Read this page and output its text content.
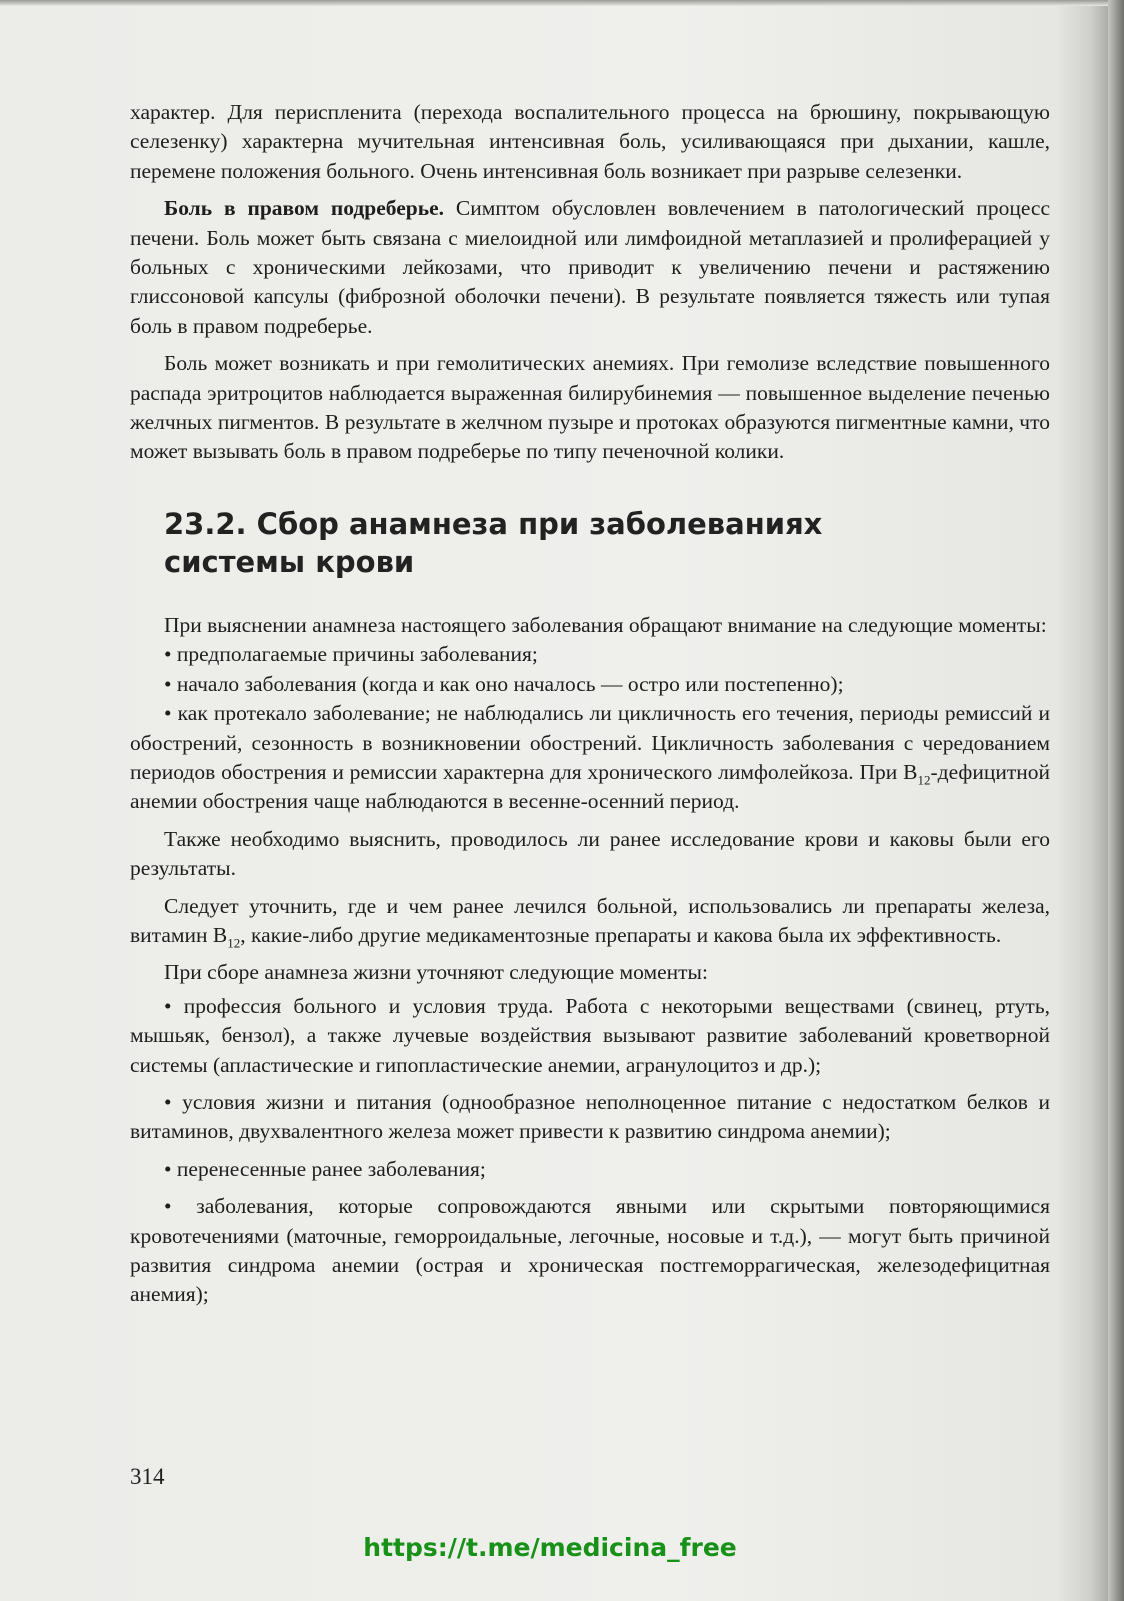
характер. Для периспленита (перехода воспалительного процесса на брюшину, покрывающую селезенку) характерна мучительная интенсивная боль, усиливающаяся при дыхании, кашле, перемене положения больного. Очень интенсивная боль возникает при разрыве селезенки.

Боль в правом подреберье. Симптом обусловлен вовлечением в патологический процесс печени. Боль может быть связана с миелоидной или лимфоидной метаплазией и пролиферацией у больных с хроническими лейкозами, что приводит к увеличению печени и растяжению глиссоновой капсулы (фиброзной оболочки печени). В результате появляется тяжесть или тупая боль в правом подреберье.

Боль может возникать и при гемолитических анемиях. При гемолизе вследствие повышенного распада эритроцитов наблюдается выраженная билирубинемия — повышенное выделение печенью желчных пигментов. В результате в желчном пузыре и протоках образуются пигментные камни, что может вызывать боль в правом подреберье по типу печеночной колики.

23.2. Сбор анамнеза при заболеваниях
системы крови

При выяснении анамнеза настоящего заболевания обращают внимание на следующие моменты:

• предполагаемые причины заболевания;

• начало заболевания (когда и как оно началось — остро или постепенно);

• как протекало заболевание; не наблюдались ли цикличность его течения, периоды ремиссий и обострений, сезонность в возникновении обострений. Цикличность заболевания с чередованием периодов обострения и ремиссии характерна для хронического лимфолейкоза. При $B_{12}$-дефицитной анемии обострения чаще наблюдаются в весенне-осенний период.

Также необходимо выяснить, проводилось ли ранее исследование крови и каковы были его результаты.

Следует уточнить, где и чем ранее лечился больной, использовались ли препараты железа, витамин $B_{12}$, какие-либо другие медикаментозные препараты и какова была их эффективность.

При сборе анамнеза жизни уточняют следующие моменты:

• профессия больного и условия труда. Работа с некоторыми веществами (свинец, ртуть, мышьяк, бензол), а также лучевые воздействия вызывают развитие заболеваний кроветворной системы (апластические и гипопластические анемии, агранулоцитоз и др.);

• условия жизни и питания (однообразное неполноценное питание с недостатком белков и витаминов, двухвалентного железа может привести к развитию синдрома анемии);

• перенесенные ранее заболевания;

• заболевания, которые сопровождаются явными или скрытыми повторяющимися кровотечениями (маточные, геморроидальные, легочные, носовые и т.д.), — могут быть причиной развития синдрома анемии (острая и хроническая постгеморрагическая, железодефицитная анемия);

314
https://t.me/medicina_free
